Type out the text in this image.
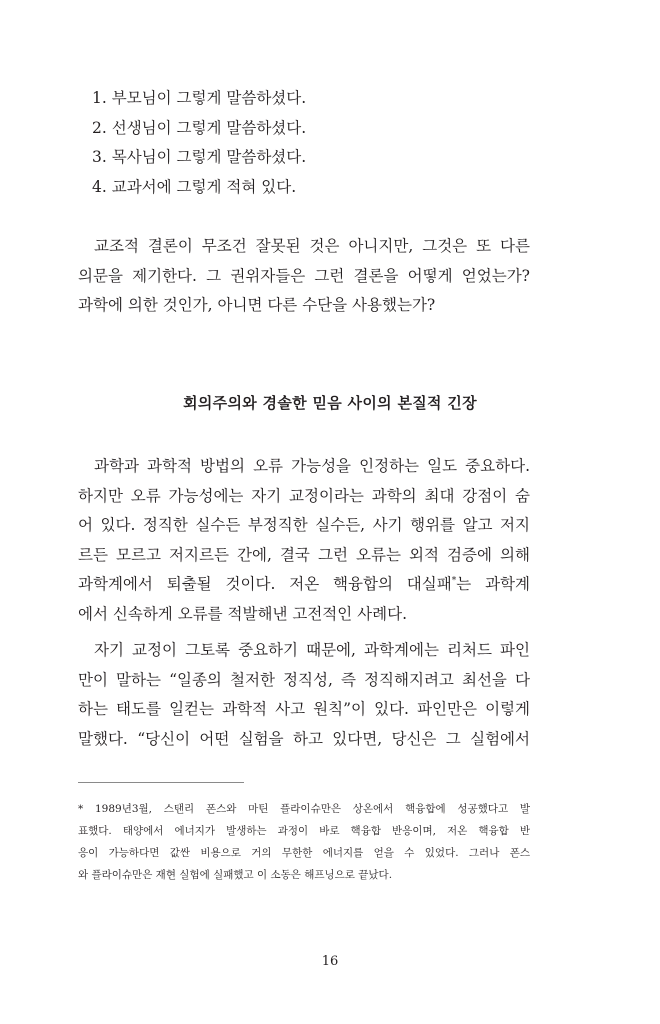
1. 부모님이 그렇게 말씀하셨다.
2. 선생님이 그렇게 말씀하셨다.
3. 목사님이 그렇게 말씀하셨다.
4. 교과서에 그렇게 적혀 있다.

교조적 결론이 무조건 잘못된 것은 아니지만, 그것은 또 다른
의문을 제기한다. 그 권위자들은 그런 결론을 어떻게 얻었는가?
과학에 의한 것인가, 아니면 다른 수단을 사용했는가?

회의주의와 경솔한 믿음 사이의 본질적 긴장

과학과 과학적 방법의 오류 가능성을 인정하는 일도 중요하다.
하지만 오류 가능성에는 자기 교정이라는 과학의 최대 강점이 숨
어 있다. 정직한 실수든 부정직한 실수든, 사기 행위를 알고 저지
르든 모르고 저지르든 간에, 결국 그런 오류는 외적 검증에 의해
과학계에서 퇴출될 것이다. 저온 핵융합의 대실패*는 과학계
에서 신속하게 오류를 적발해낸 고전적인 사례다.

자기 교정이 그토록 중요하기 때문에, 과학계에는 리처드 파인
만이 말하는 “일종의 철저한 정직성, 즉 정직해지려고 최선을 다
하는 태도를 일컫는 과학적 사고 원칙”이 있다. 파인만은 이렇게
말했다. “당신이 어떤 실험을 하고 있다면, 당신은 그 실험에서

* 1989년3월, 스탠리 폰스와 마틴 플라이슈만은 상온에서 핵융합에 성공했다고 발
표했다. 태양에서 에너지가 발생하는 과정이 바로 핵융합 반응이며, 저온 핵융합 반
응이 가능하다면 값싼 비용으로 거의 무한한 에너지를 얻을 수 있었다. 그러나 폰스
와 플라이슈만은 재현 실험에 실패했고 이 소동은 해프닝으로 끝났다.
16
